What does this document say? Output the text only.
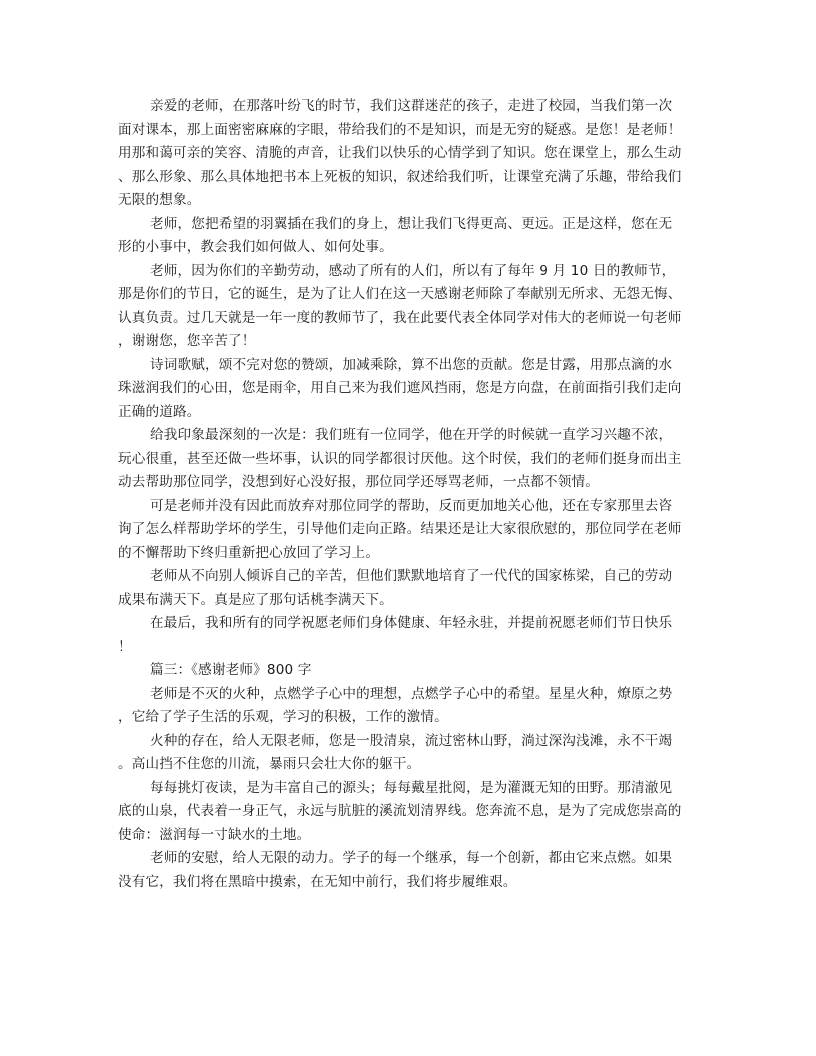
亲爱的老师，在那落叶纷飞的时节，我们这群迷茫的孩子，走进了校园，当我们第一次
面对课本，那上面密密麻麻的字眼，带给我们的不是知识，而是无穷的疑惑。是您！是老师！
用那和蔼可亲的笑容、清脆的声音，让我们以快乐的心情学到了知识。您在课堂上，那么生动
、那么形象、那么具体地把书本上死板的知识，叙述给我们听，让课堂充满了乐趣，带给我们
无限的想象。
老师，您把希望的羽翼插在我们的身上，想让我们飞得更高、更远。正是这样，您在无
形的小事中，教会我们如何做人、如何处事。
老师，因为你们的辛勤劳动，感动了所有的人们，所以有了每年 9 月 10 日的教师节，
那是你们的节日，它的诞生，是为了让人们在这一天感谢老师除了奉献别无所求、无怨无悔、
认真负责。过几天就是一年一度的教师节了，我在此要代表全体同学对伟大的老师说一句老师
，谢谢您，您辛苦了！
诗词歌赋，颂不完对您的赞颂，加减乘除，算不出您的贡献。您是甘露，用那点滴的水
珠滋润我们的心田，您是雨伞，用自己来为我们遮风挡雨，您是方向盘，在前面指引我们走向
正确的道路。
给我印象最深刻的一次是：我们班有一位同学，他在开学的时候就一直学习兴趣不浓，
玩心很重，甚至还做一些坏事，认识的同学都很讨厌他。这个时侯，我们的老师们挺身而出主
动去帮助那位同学，没想到好心没好报，那位同学还辱骂老师，一点都不领情。
可是老师并没有因此而放弃对那位同学的帮助，反而更加地关心他，还在专家那里去咨
询了怎么样帮助学坏的学生，引导他们走向正路。结果还是让大家很欣慰的，那位同学在老师
的不懈帮助下终归重新把心放回了学习上。
老师从不向别人倾诉自己的辛苦，但他们默默地培育了一代代的国家栋梁，自己的劳动
成果布满天下。真是应了那句话桃李满天下。
在最后，我和所有的同学祝愿老师们身体健康、年轻永驻，并提前祝愿老师们节日快乐
！
篇三：《感谢老师》800 字
老师是不灭的火种，点燃学子心中的理想，点燃学子心中的希望。星星火种，燎原之势
，它给了学子生活的乐观，学习的积极，工作的激情。
火种的存在，给人无限老师，您是一股清泉，流过密林山野，淌过深沟浅滩，永不干竭
。高山挡不住您的川流，暴雨只会壮大你的躯干。
每每挑灯夜读，是为丰富自己的源头；每每戴星批阅，是为灌溉无知的田野。那清澈见
底的山泉，代表着一身正气，永远与肮脏的溪流划清界线。您奔流不息，是为了完成您崇高的
使命：滋润每一寸缺水的土地。
老师的安慰，给人无限的动力。学子的每一个继承，每一个创新，都由它来点燃。如果
没有它，我们将在黑暗中摸索，在无知中前行，我们将步履维艰。
